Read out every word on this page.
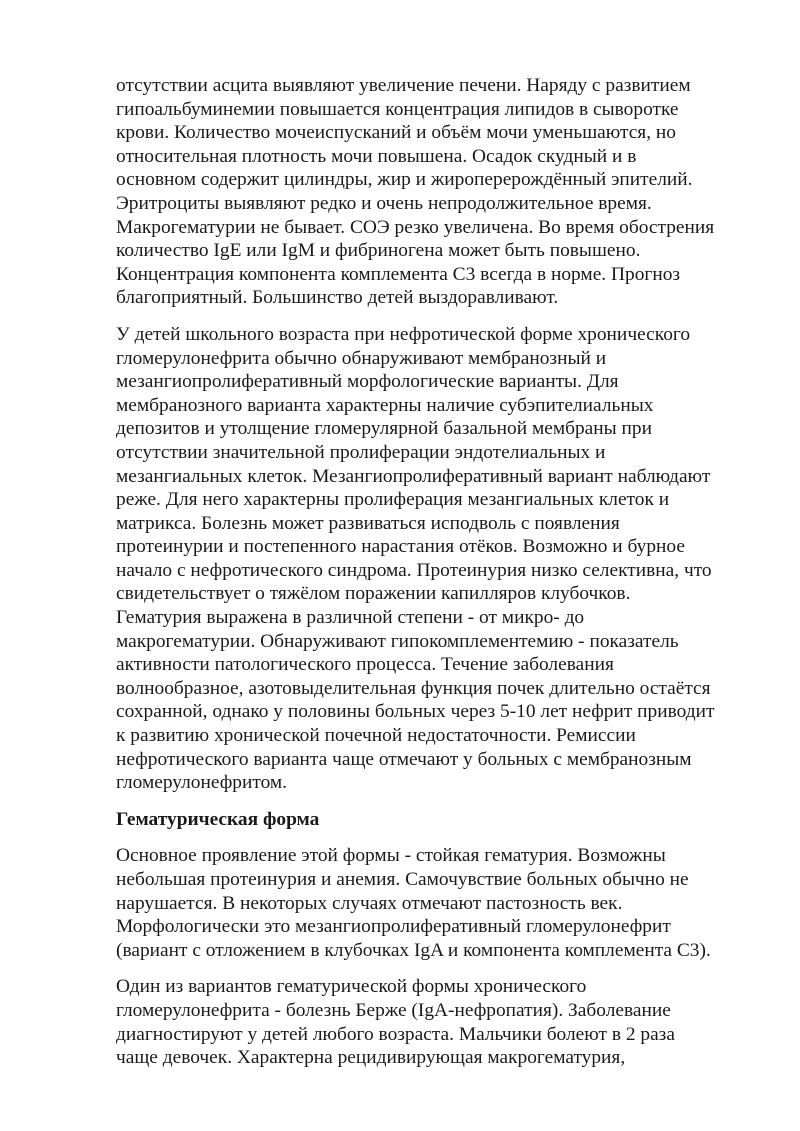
отсутствии асцита выявляют увеличение печени. Наряду с развитием
гипоальбуминемии повышается концентрация липидов в сыворотке
крови. Количество мочеиспусканий и объём мочи уменьшаются, но
относительная плотность мочи повышена. Осадок скудный и в
основном содержит цилиндры, жир и жироперерождённый эпителий.
Эритроциты выявляют редко и очень непродолжительное время.
Макрогематурии не бывает. СОЭ резко увеличена. Во время обострения
количество IgE или IgM и фибриногена может быть повышено.
Концентрация компонента комплемента С3 всегда в норме. Прогноз
благоприятный. Большинство детей выздоравливают.

У детей школьного возраста при нефротической форме хронического
гломерулонефрита обычно обнаруживают мембранозный и
мезангиопролиферативный морфологические варианты. Для
мембранозного варианта характерны наличие субэпителиальных
депозитов и утолщение гломерулярной базальной мембраны при
отсутствии значительной пролиферации эндотелиальных и
мезангиальных клеток. Мезангиопролиферативный вариант наблюдают
реже. Для него характерны пролиферация мезангиальных клеток и
матрикса. Болезнь может развиваться исподволь с появления
протеинурии и постепенного нарастания отёков. Возможно и бурное
начало с нефротического синдрома. Протеинурия низко селективна, что
свидетельствует о тяжёлом поражении капилляров клубочков.
Гематурия выражена в различной степени - от микро- до
макрогематурии. Обнаруживают гипокомплементемию - показатель
активности патологического процесса. Течение заболевания
волнообразное, азотовыделительная функция почек длительно остаётся
сохранной, однако у половины больных через 5-10 лет нефрит приводит
к развитию хронической почечной недостаточности. Ремиссии
нефротического варианта чаще отмечают у больных с мембранозным
гломерулонефритом.

Гематурическая форма

Основное проявление этой формы - стойкая гематурия. Возможны
небольшая протеинурия и анемия. Самочувствие больных обычно не
нарушается. В некоторых случаях отмечают пастозность век.
Морфологически это мезангиопролиферативный гломерулонефрит
(вариант с отложением в клубочках IgA и компонента комплемента С3).

Один из вариантов гематурической формы хронического
гломерулонефрита - болезнь Берже (IgA-нефропатия). Заболевание
диагностируют у детей любого возраста. Мальчики болеют в 2 раза
чаще девочек. Характерна рецидивирующая макрогематурия,
